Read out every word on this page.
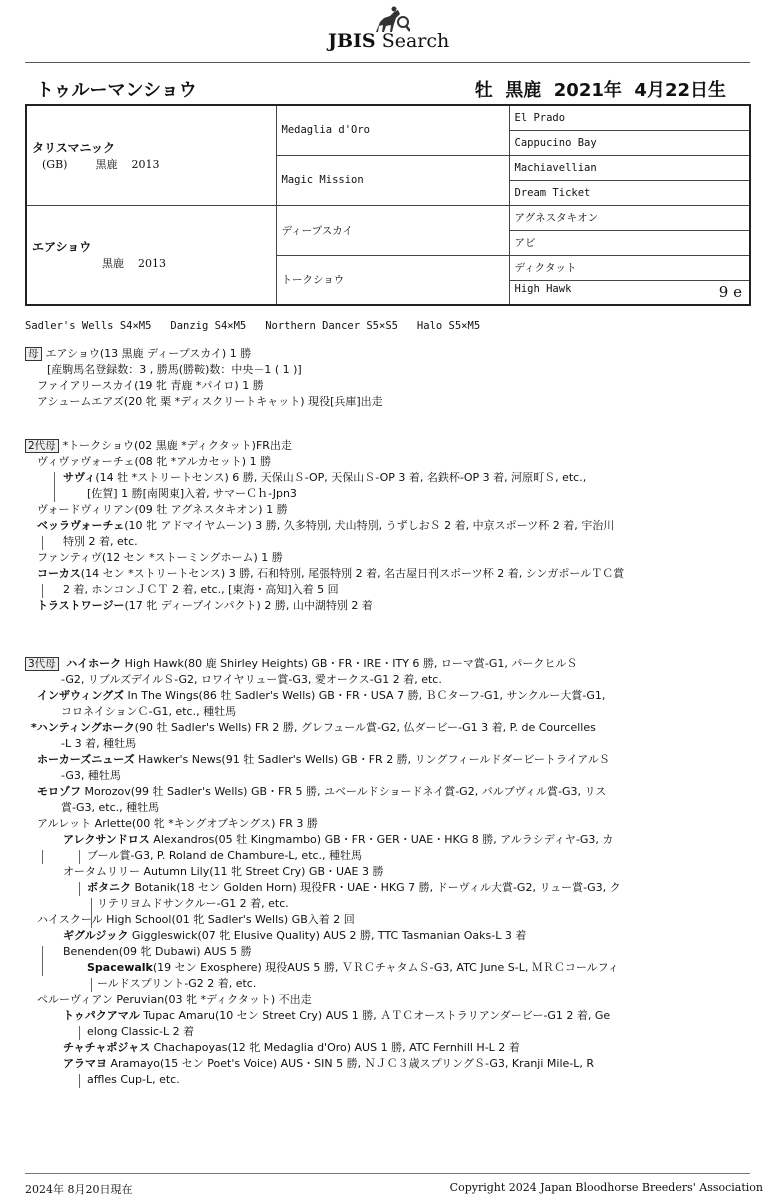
JBIS Search
トゥルーマンショウ	牡  黒鹿  2021年  4月22日生
タリスマニック
(GB) 黒鹿 2013	Medaglia d'Oro	El Prado
		Cappucino Bay
	Magic Mission	Machiavellian
		Dream Ticket

エアショウ
黒鹿 2013	ディープスカイ	アグネスタキオン
		アビ
	トークショウ	ディクタット
		High Hawk 9 e
Sadler's Wells S4×M5   Danzig S4×M5   Northern Dancer S5×S5   Halo S5×M5
母 エアショウ(13 黒鹿 ディープスカイ) 1 勝
[産駒馬名登録数：3 , 勝馬(勝鞍)数：中央－1 ( 1 )]
ファイアリースカイ(19 牝 青鹿 *パイロ) 1 勝
アシュームエアズ(20 牝 栗 *ディスクリートキャット) 現役[兵庫]出走
2代母 *トークショウ(02 黒鹿 *ディクタット)FR出走
ヴィヴァヴォーチェ(08 牝 *アルカセット) 1 勝
サヴィ(14 牡 *ストリートセンス) 6 勝, 天保山Ｓ-OP, 天保山Ｓ-OP 3 着, 名鉄杯-OP 3 着, 河原町Ｓ, etc.,
[佐賀] 1 勝[南関東]入着, サマーＣｈ-Jpn3
ヴォードヴィリアン(09 牡 アグネスタキオン) 1 勝
ベッラヴォーチェ(10 牝 アドマイヤムーン) 3 勝, 久多特別, 犬山特別, うずしおＳ 2 着, 中京スポーツ杯 2 着, 宇治川
特別 2 着, etc.
ファンティヴ(12 セン *ストーミングホーム) 1 勝
コーカス(14 セン *ストリートセンス) 3 勝, 石和特別, 尾張特別 2 着, 名古屋日刊スポーツ杯 2 着, シンガポールＴＣ賞
2 着, ホンコンＪＣＴ 2 着, etc., [東海・高知]入着 5 回
トラストワージー(17 牝 ディープインパクト) 2 勝, 山中湖特別 2 着
3代母 ハイホーク High Hawk(80 鹿 Shirley Heights) GB・FR・IRE・ITY 6 勝, ローマ賞-G1, パークヒルＳ
-G2, リブルズデイルＳ-G2, ロワイヤリュー賞-G3, 愛オークス-G1 2 着, etc.
インザウィングズ In The Wings(86 牡 Sadler's Wells) GB・FR・USA 7 勝, ＢＣターフ-G1, サンクルー大賞-G1,
コロネイションＣ-G1, etc., 種牡馬
*ハンティングホーク(90 牡 Sadler's Wells) FR 2 勝, グレフュール賞-G2, 仏ダービー-G1 3 着, P. de Courcelles
-L 3 着, 種牡馬
ホーカーズニューズ Hawker's News(91 牡 Sadler's Wells) GB・FR 2 勝, リングフィールドダービートライアルＳ
-G3, 種牡馬
モロゾフ Morozov(99 牡 Sadler's Wells) GB・FR 5 勝, ユベールドショードネイ賞-G2, バルブヴィル賞-G3, リス
賞-G3, etc., 種牡馬
アルレット Arlette(00 牝 *キングオブキングス) FR 3 勝
アレクサンドロス Alexandros(05 牡 Kingmambo) GB・FR・GER・UAE・HKG 8 勝, アルラシディヤ-G3, カ
ブール賞-G3, P. Roland de Chambure-L, etc., 種牡馬
オータムリリー Autumn Lily(11 牝 Street Cry) GB・UAE 3 勝
ボタニク Botanik(18 セン Golden Horn) 現役FR・UAE・HKG 7 勝, ドーヴィル大賞-G2, リュー賞-G3, ク
リテリヨムドサンクルー-G1 2 着, etc.
ハイスクール High School(01 牝 Sadler's Wells) GB入着 2 回
ギグルジック Giggleswick(07 牝 Elusive Quality) AUS 2 勝, TTC Tasmanian Oaks-L 3 着
Benenden(09 牝 Dubawi) AUS 5 勝
Spacewalk(19 セン Exosphere) 現役AUS 5 勝, ＶＲＣチャタムＳ-G3, ATC June S-L, ＭＲＣコールフィ
ールドスプリント-G2 2 着, etc.
ペルーヴィアン Peruvian(03 牝 *ディクタット) 不出走
トゥパクアマル Tupac Amaru(10 セン Street Cry) AUS 1 勝, ＡＴＣオーストラリアンダービー-G1 2 着, Ge
elong Classic-L 2 着
チャチャポジャス Chachapoyas(12 牝 Medaglia d'Oro) AUS 1 勝, ATC Fernhill H-L 2 着
アラマヨ Aramayo(15 セン Poet's Voice) AUS・SIN 5 勝, ＮＪＣ３歳スプリングＳ-G3, Kranji Mile-L, R
affles Cup-L, etc.
2024年 8月20日現在	Copyright 2024 Japan Bloodhorse Breeders' Association
